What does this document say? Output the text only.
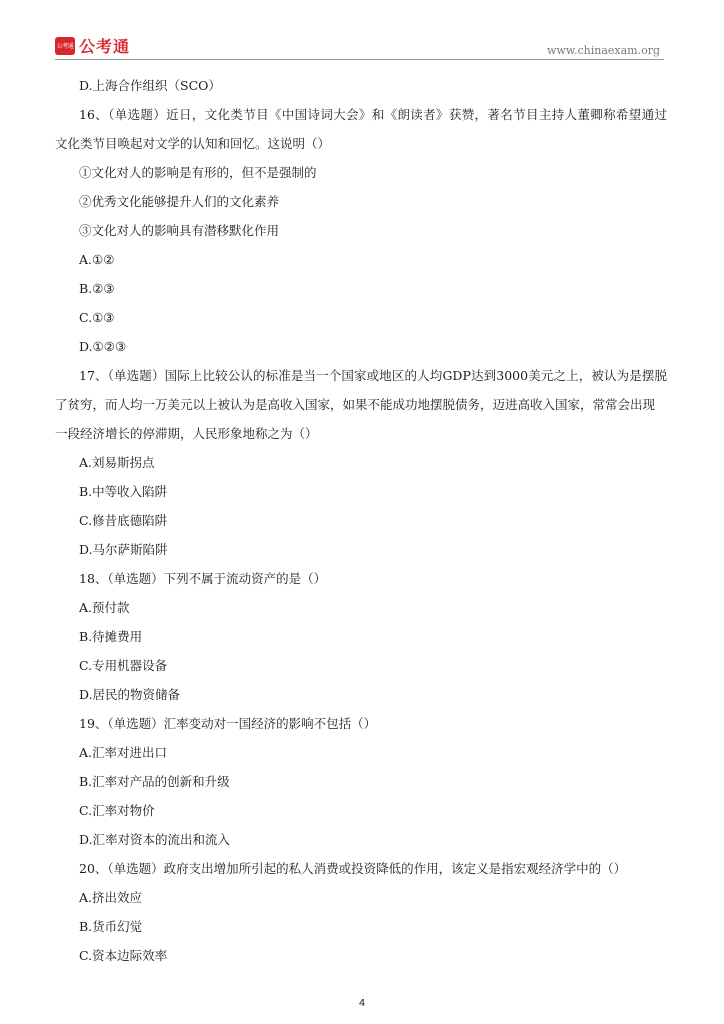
公考通 公考通	www.chinaexam.org
D.上海合作组织（SCO）
16、（单选题）近日，文化类节目《中国诗词大会》和《朗读者》获赞，著名节目主持人董卿称希望通过
文化类节目唤起对文学的认知和回忆。这说明（）
①文化对人的影响是有形的，但不是强制的
②优秀文化能够提升人们的文化素养
③文化对人的影响具有潜移默化作用
A.①②
B.②③
C.①③
D.①②③
17、（单选题）国际上比较公认的标准是当一个国家或地区的人均GDP达到3000美元之上，被认为是摆脱
了贫穷，而人均一万美元以上被认为是高收入国家，如果不能成功地摆脱债务，迈进高收入国家，常常会出现
一段经济增长的停滞期，人民形象地称之为（）
A.刘易斯拐点
B.中等收入陷阱
C.修昔底德陷阱
D.马尔萨斯陷阱
18、（单选题）下列不属于流动资产的是（）
A.预付款
B.待摊费用
C.专用机器设备
D.居民的物资储备
19、（单选题）汇率变动对一国经济的影响不包括（）
A.汇率对进出口
B.汇率对产品的创新和升级
C.汇率对物价
D.汇率对资本的流出和流入
20、（单选题）政府支出增加所引起的私人消费或投资降低的作用，该定义是指宏观经济学中的（）
A.挤出效应
B.货币幻觉
C.资本边际效率
4
